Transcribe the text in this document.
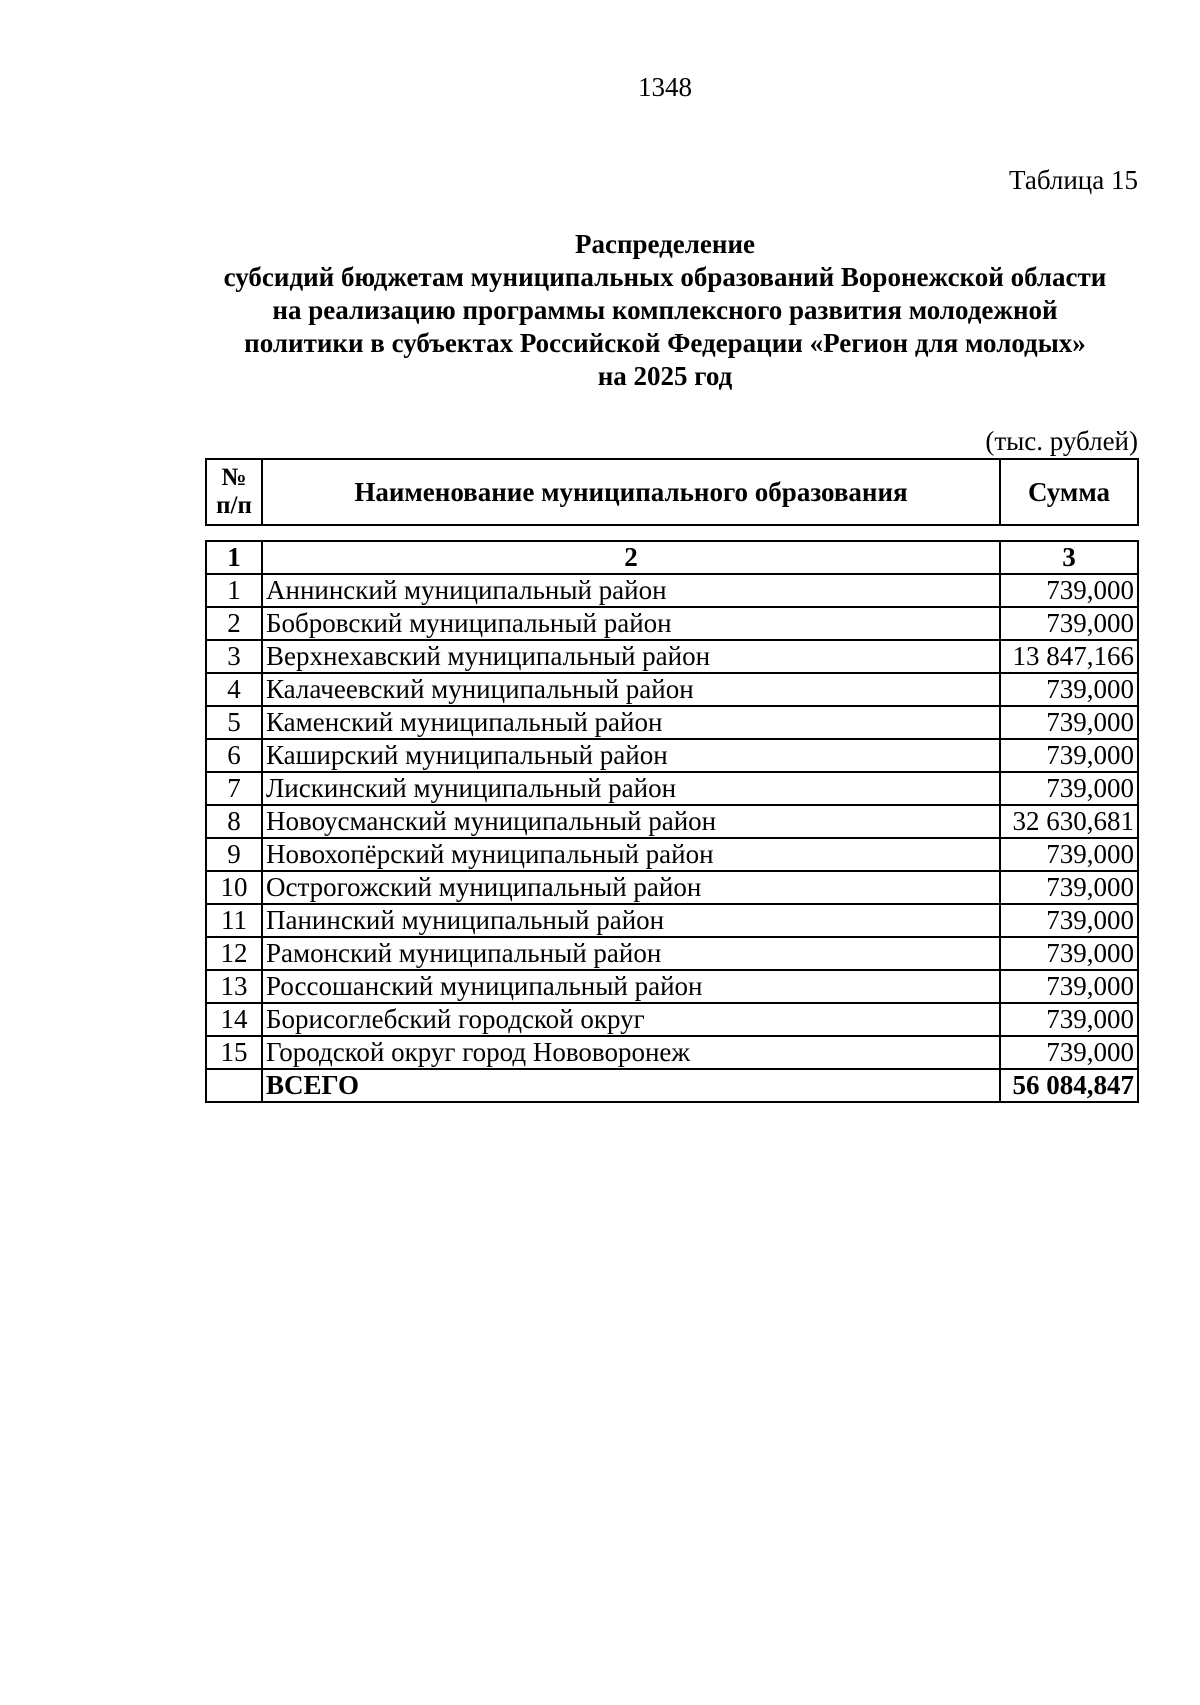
1348
Таблица 15
Распределение
субсидий бюджетам муниципальных образований Воронежской области
на реализацию программы комплексного развития молодежной
политики в субъектах Российской Федерации «Регион для молодых»
на 2025 год
(тыс. рублей)
№
п/п	Наименование муниципального образования	Сумма
1	2	3
1	Аннинский муниципальный район	739,000
2	Бобровский муниципальный район	739,000
3	Верхнехавский муниципальный район	13 847,166
4	Калачеевский муниципальный район	739,000
5	Каменский муниципальный район	739,000
6	Каширский муниципальный район	739,000
7	Лискинский муниципальный район	739,000
8	Новоусманский муниципальный район	32 630,681
9	Новохопёрский муниципальный район	739,000
10	Острогожский муниципальный район	739,000
11	Панинский муниципальный район	739,000
12	Рамонский муниципальный район	739,000
13	Россошанский муниципальный район	739,000
14	Борисоглебский городской округ	739,000
15	Городской округ город Нововоронеж	739,000
	ВСЕГО	56 084,847
